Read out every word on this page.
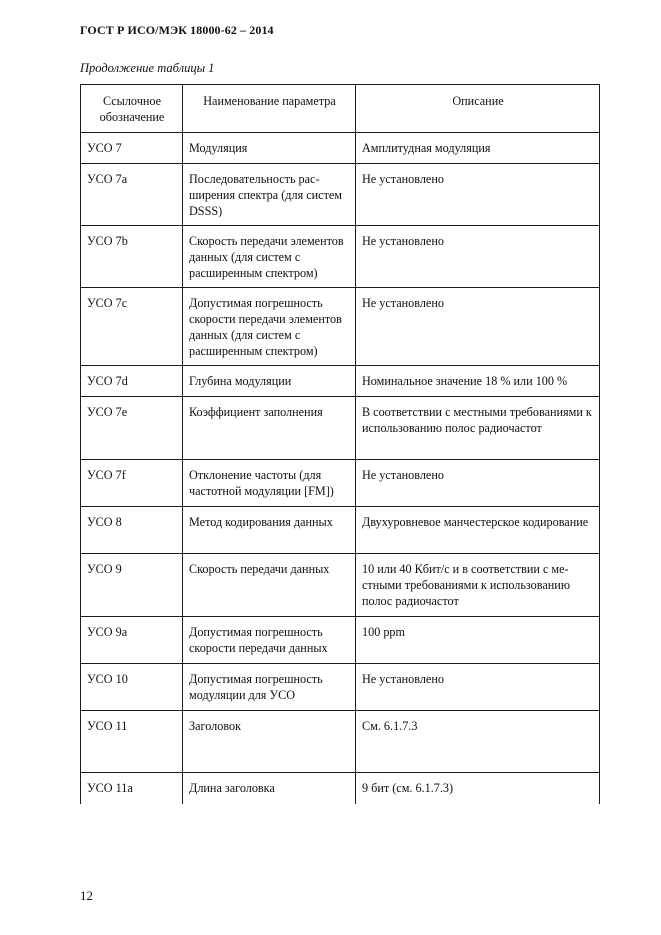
ГОСТ Р ИСО/МЭК 18000-62 – 2014
Продолжение таблицы 1
Ссылочное обозначение	Наименование параметра	Описание
УСО 7	Модуляция	Амплитудная модуляция
УСО 7а	Последовательность расширения спектра (для систем DSSS)	Не установлено
УСО 7b	Скорость передачи элементов данных (для систем с расширенным спектром)	Не установлено
УСО 7c	Допустимая погрешность скорости передачи элементов данных (для систем с расширенным спектром)	Не установлено
УСО 7d	Глубина модуляции	Номинальное значение 18 % или 100 %
УСО 7e	Коэффициент заполнения	В соответствии с местными требованиями к использованию полос радиочастот
УСО 7f	Отклонение частоты (для частотной модуляции [FM])	Не установлено
УСО 8	Метод кодирования данных	Двухуровневое манчестерское кодирование
УСО 9	Скорость передачи данных	10 или 40 Кбит/с и в соответствии с местными требованиями к использованию полос радиочастот
УСО 9а	Допустимая погрешность скорости передачи данных	100 ppm
УСО 10	Допустимая погрешность модуляции для УСО	Не установлено
УСО 11	Заголовок	См. 6.1.7.3
УСО 11а	Длина заголовка	9 бит (см. 6.1.7.3)
12
